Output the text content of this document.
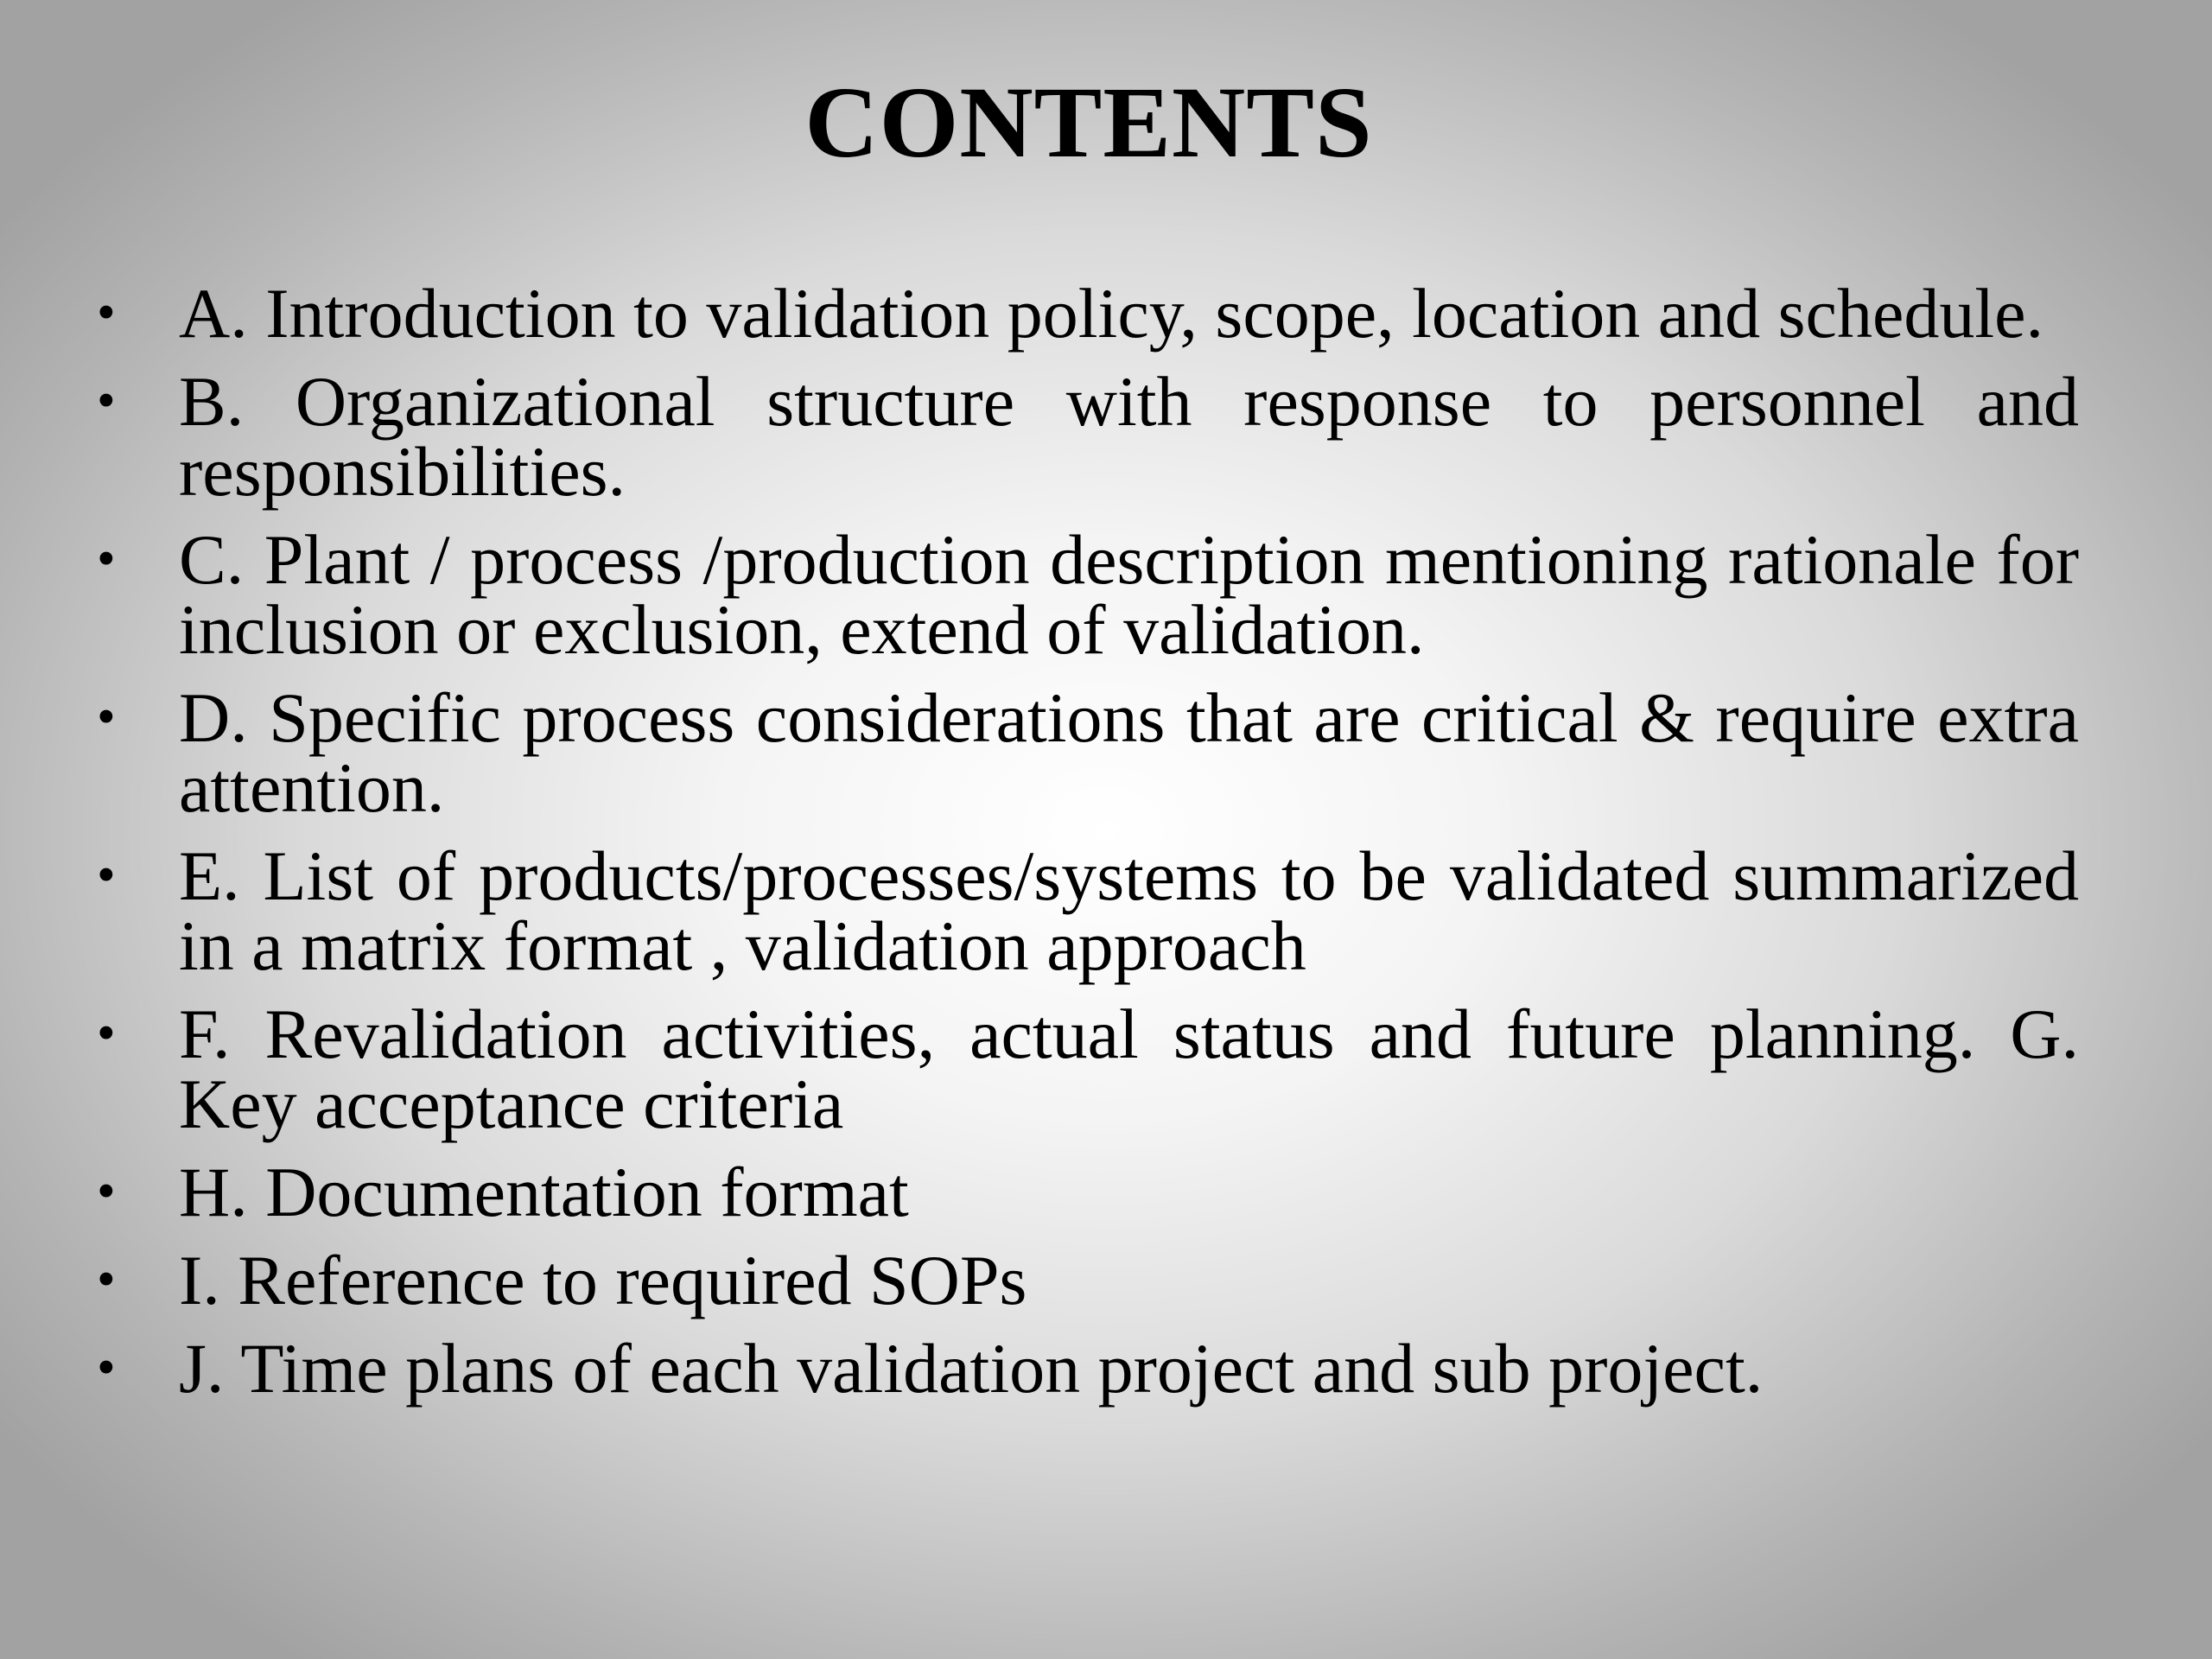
CONTENTS
• A. Introduction to validation policy, scope, location and schedule.
• B. Organizational structure with response to personnel and responsibilities.
• C. Plant / process /production description mentioning rationale for inclusion or exclusion, extend of validation.
• D. Specific process considerations that are critical & require extra attention.
• E. List of products/processes/systems to be validated summarized in a matrix format , validation approach
• F. Revalidation activities, actual status and future planning. G. Key acceptance criteria
• H. Documentation format
• I. Reference to required SOPs
• J. Time plans of each validation project and sub project.
